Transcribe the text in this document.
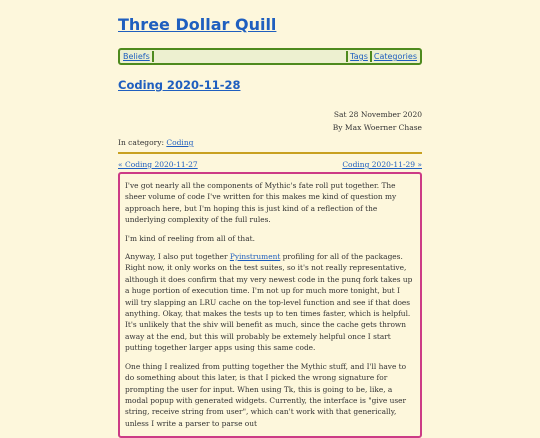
Three Dollar Quill
Beliefs	Tags Categories
Coding 2020-11-28
Sat 28 November 2020
By Max Woerner Chase
In category: Coding
« Coding 2020-11-27	Coding 2020-11-29 »

I've got nearly all the components of Mythic's fate roll put together. The sheer volume of code I've written for this makes me kind of question my approach here, but I'm hoping this is just kind of a reflection of the underlying complexity of the full rules.

I'm kind of reeling from all of that.

Anyway, I also put together Pyinstrument profiling for all of the packages. Right now, it only works on the test suites, so it's not really representative, although it does confirm that my very newest code in the punq fork takes up a huge portion of execution time. I'm not up for much more tonight, but I will try slapping an LRU cache on the top-level function and see if that does anything. Okay, that makes the tests up to ten times faster, which is helpful. It's unlikely that the shiv will benefit as much, since the cache gets thrown away at the end, but this will probably be extemely helpful once I start putting together larger apps using this same code.

One thing I realized from putting together the Mythic stuff, and I'll have to do something about this later, is that I picked the wrong signature for prompting the user for input. When using Tk, this is going to be, like, a modal popup with generated widgets. Currently, the interface is "give user string, receive string from user", which can't work with that generically, unless I write a parser to parse out
